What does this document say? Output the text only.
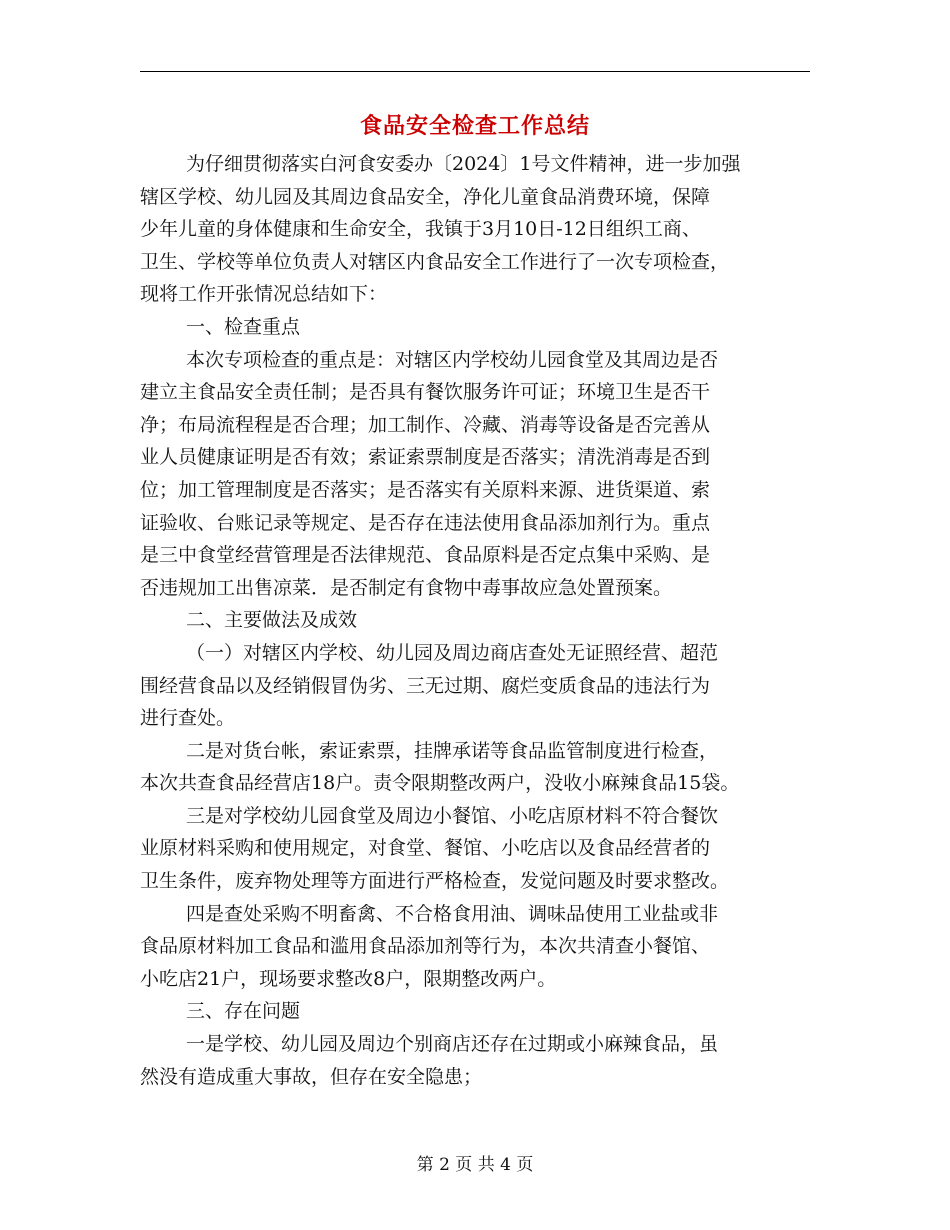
食品安全检查工作总结
为仔细贯彻落实白河食安委办〔2024〕1号文件精神，进一步加强
辖区学校、幼儿园及其周边食品安全，净化儿童食品消费环境，保障
少年儿童的身体健康和生命安全，我镇于3月10日-12日组织工商、
卫生、学校等单位负责人对辖区内食品安全工作进行了一次专项检查，
现将工作开张情况总结如下：
一、检查重点
本次专项检查的重点是：对辖区内学校幼儿园食堂及其周边是否
建立主食品安全责任制；是否具有餐饮服务许可证；环境卫生是否干
净；布局流程程是否合理；加工制作、冷藏、消毒等设备是否完善从
业人员健康证明是否有效；索证索票制度是否落实；清洗消毒是否到
位；加工管理制度是否落实；是否落实有关原料来源、进货渠道、索
证验收、台账记录等规定、是否存在违法使用食品添加剂行为。重点
是三中食堂经营管理是否法律规范、食品原料是否定点集中采购、是
否违规加工出售凉菜．是否制定有食物中毒事故应急处置预案。
二、主要做法及成效
（一）对辖区内学校、幼儿园及周边商店查处无证照经营、超范
围经营食品以及经销假冒伪劣、三无过期、腐烂变质食品的违法行为
进行查处。
二是对货台帐，索证索票，挂牌承诺等食品监管制度进行检查，
本次共查食品经营店18户。责令限期整改两户，没收小麻辣食品15袋。
三是对学校幼儿园食堂及周边小餐馆、小吃店原材料不符合餐饮
业原材料采购和使用规定，对食堂、餐馆、小吃店以及食品经营者的
卫生条件，废弃物处理等方面进行严格检查，发觉问题及时要求整改。
四是查处采购不明畜禽、不合格食用油、调味品使用工业盐或非
食品原材料加工食品和滥用食品添加剂等行为，本次共清查小餐馆、
小吃店21户，现场要求整改8户，限期整改两户。
三、存在问题
一是学校、幼儿园及周边个别商店还存在过期或小麻辣食品，虽
然没有造成重大事故，但存在安全隐患；
第 2 页 共 4 页
